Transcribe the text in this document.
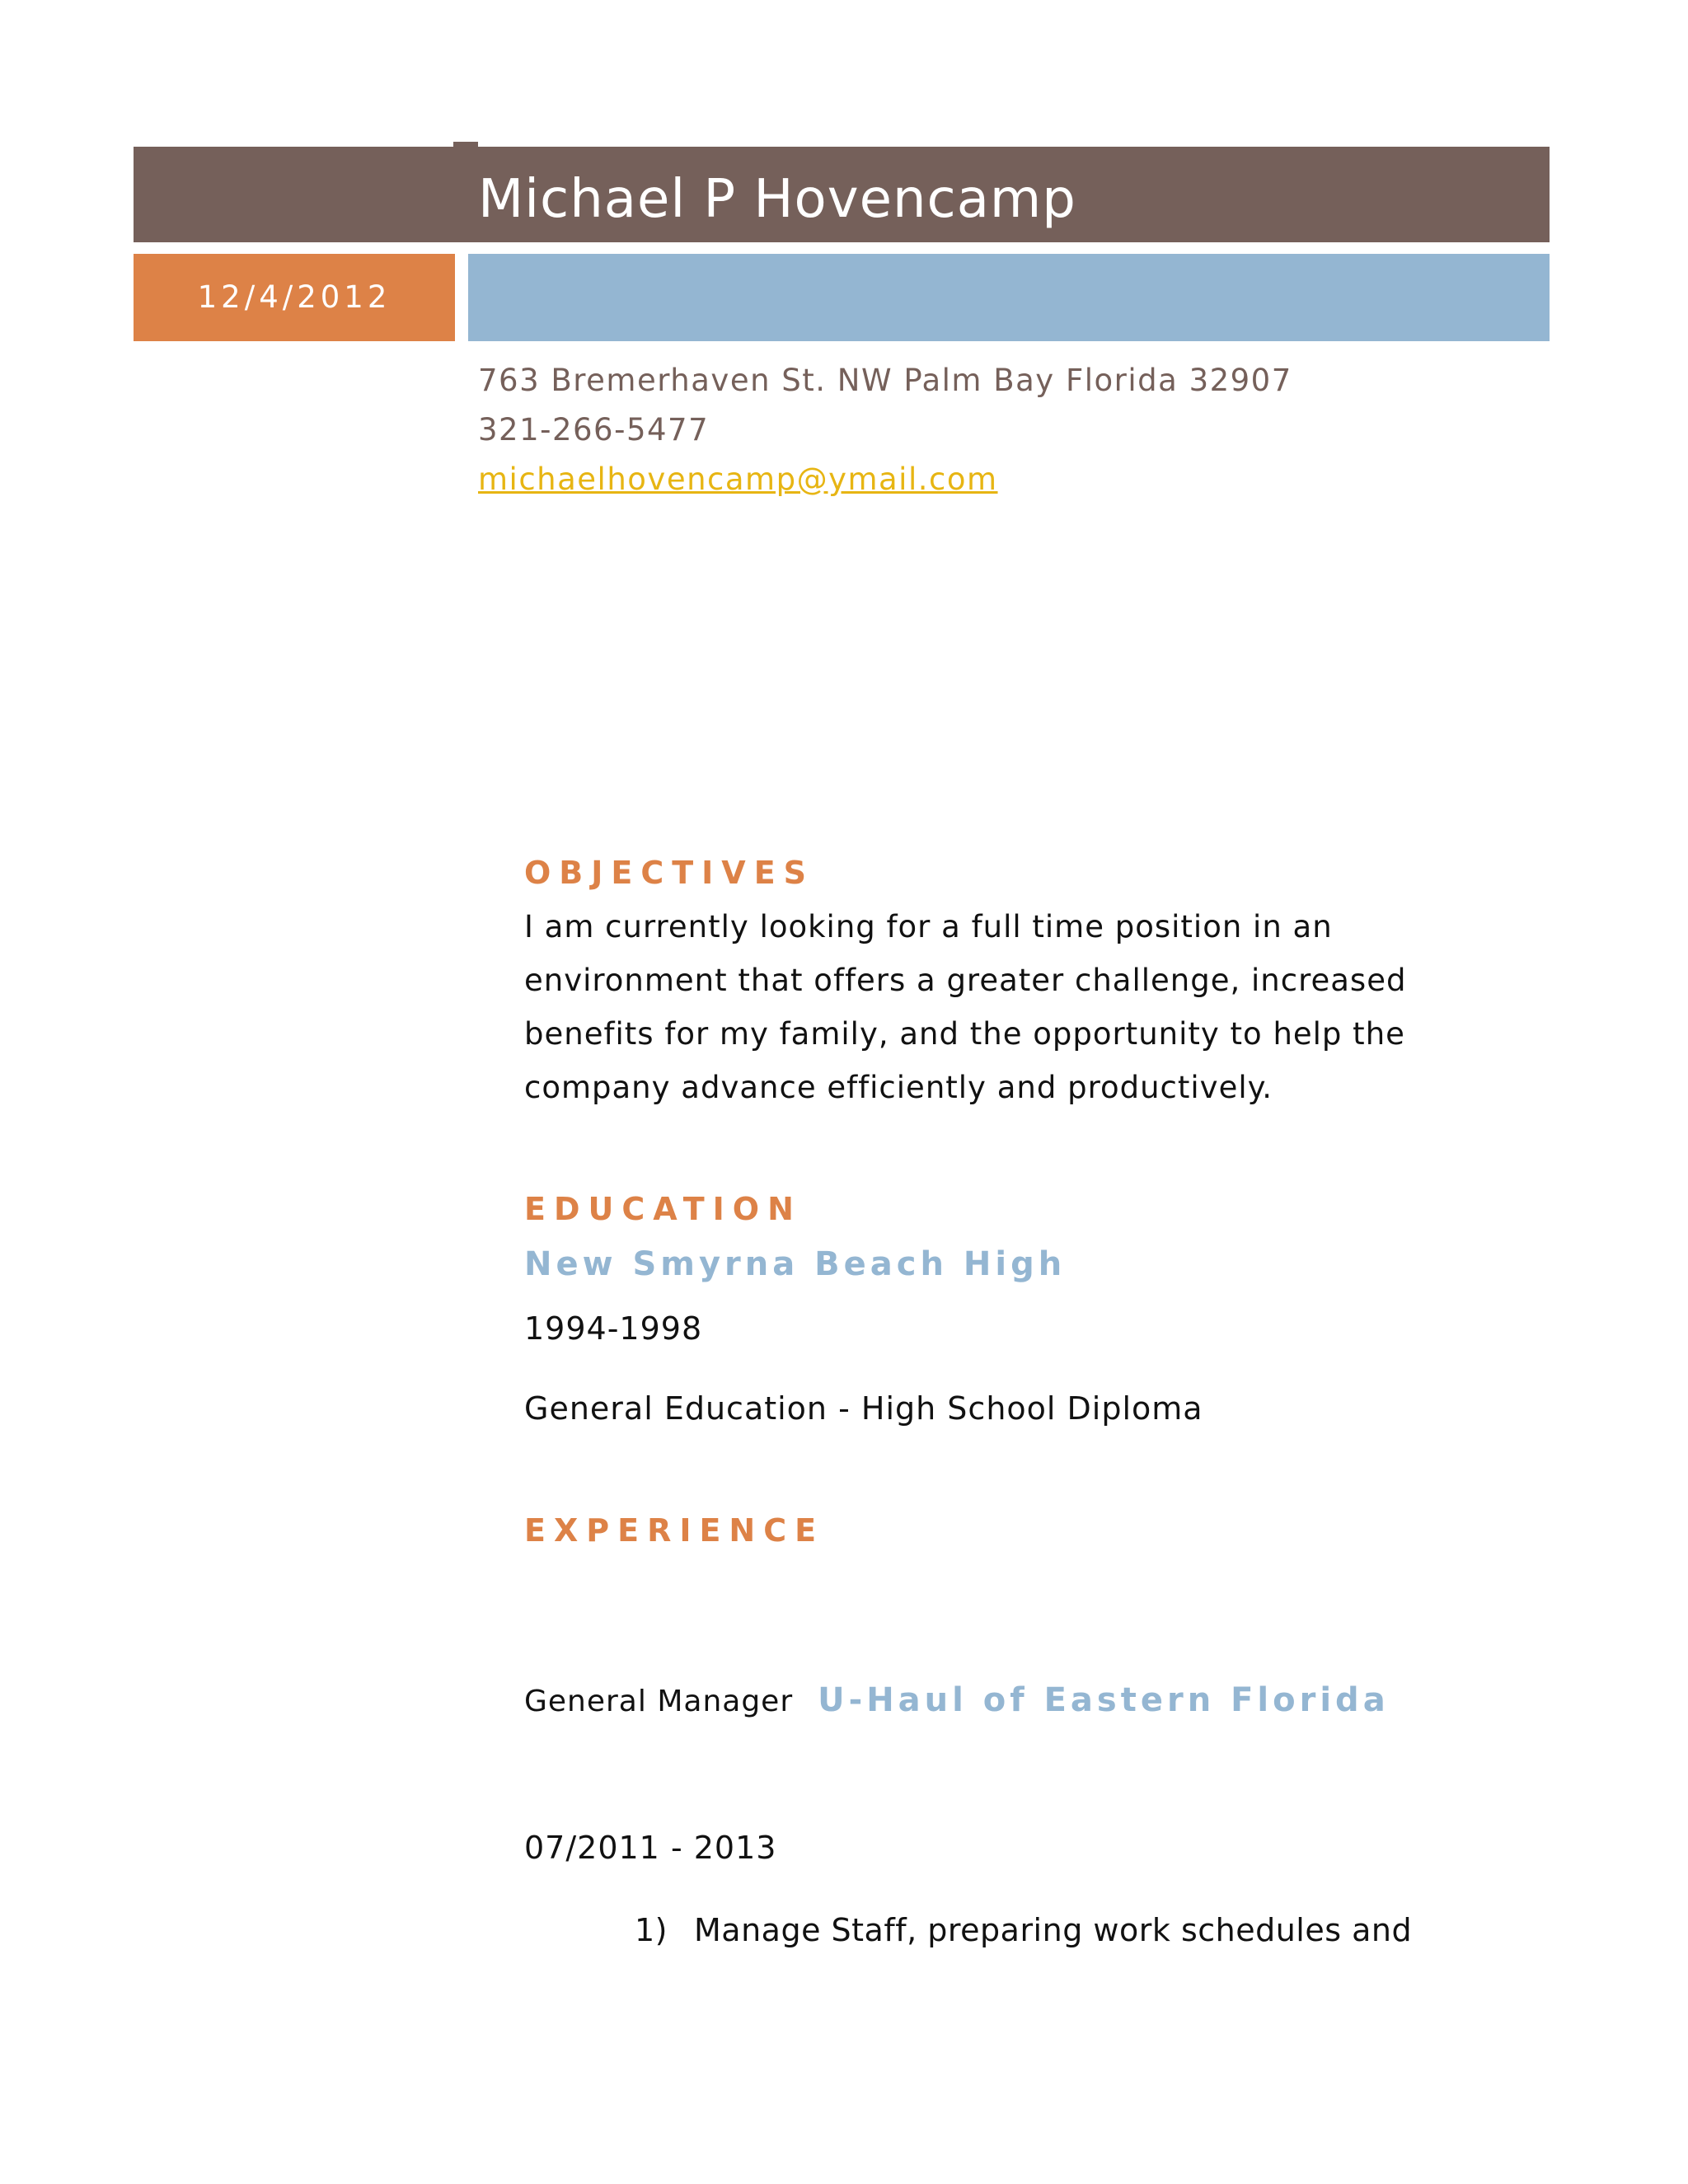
Michael P Hovencamp
12/4/2012
763 Bremerhaven St. NW Palm Bay Florida 32907
321-266-5477
michaelhovencamp@ymail.com
OBJECTIVES
I am currently looking for a full time position in an environment that offers a greater challenge, increased benefits for my family, and the opportunity to help the company advance efficiently and productively.
EDUCATION
New Smyrna Beach High
1994-1998
General Education - High School Diploma
EXPERIENCE
General Manager U-Haul of Eastern Florida
07/2011 - 2013
1) Manage Staff, preparing work schedules and
